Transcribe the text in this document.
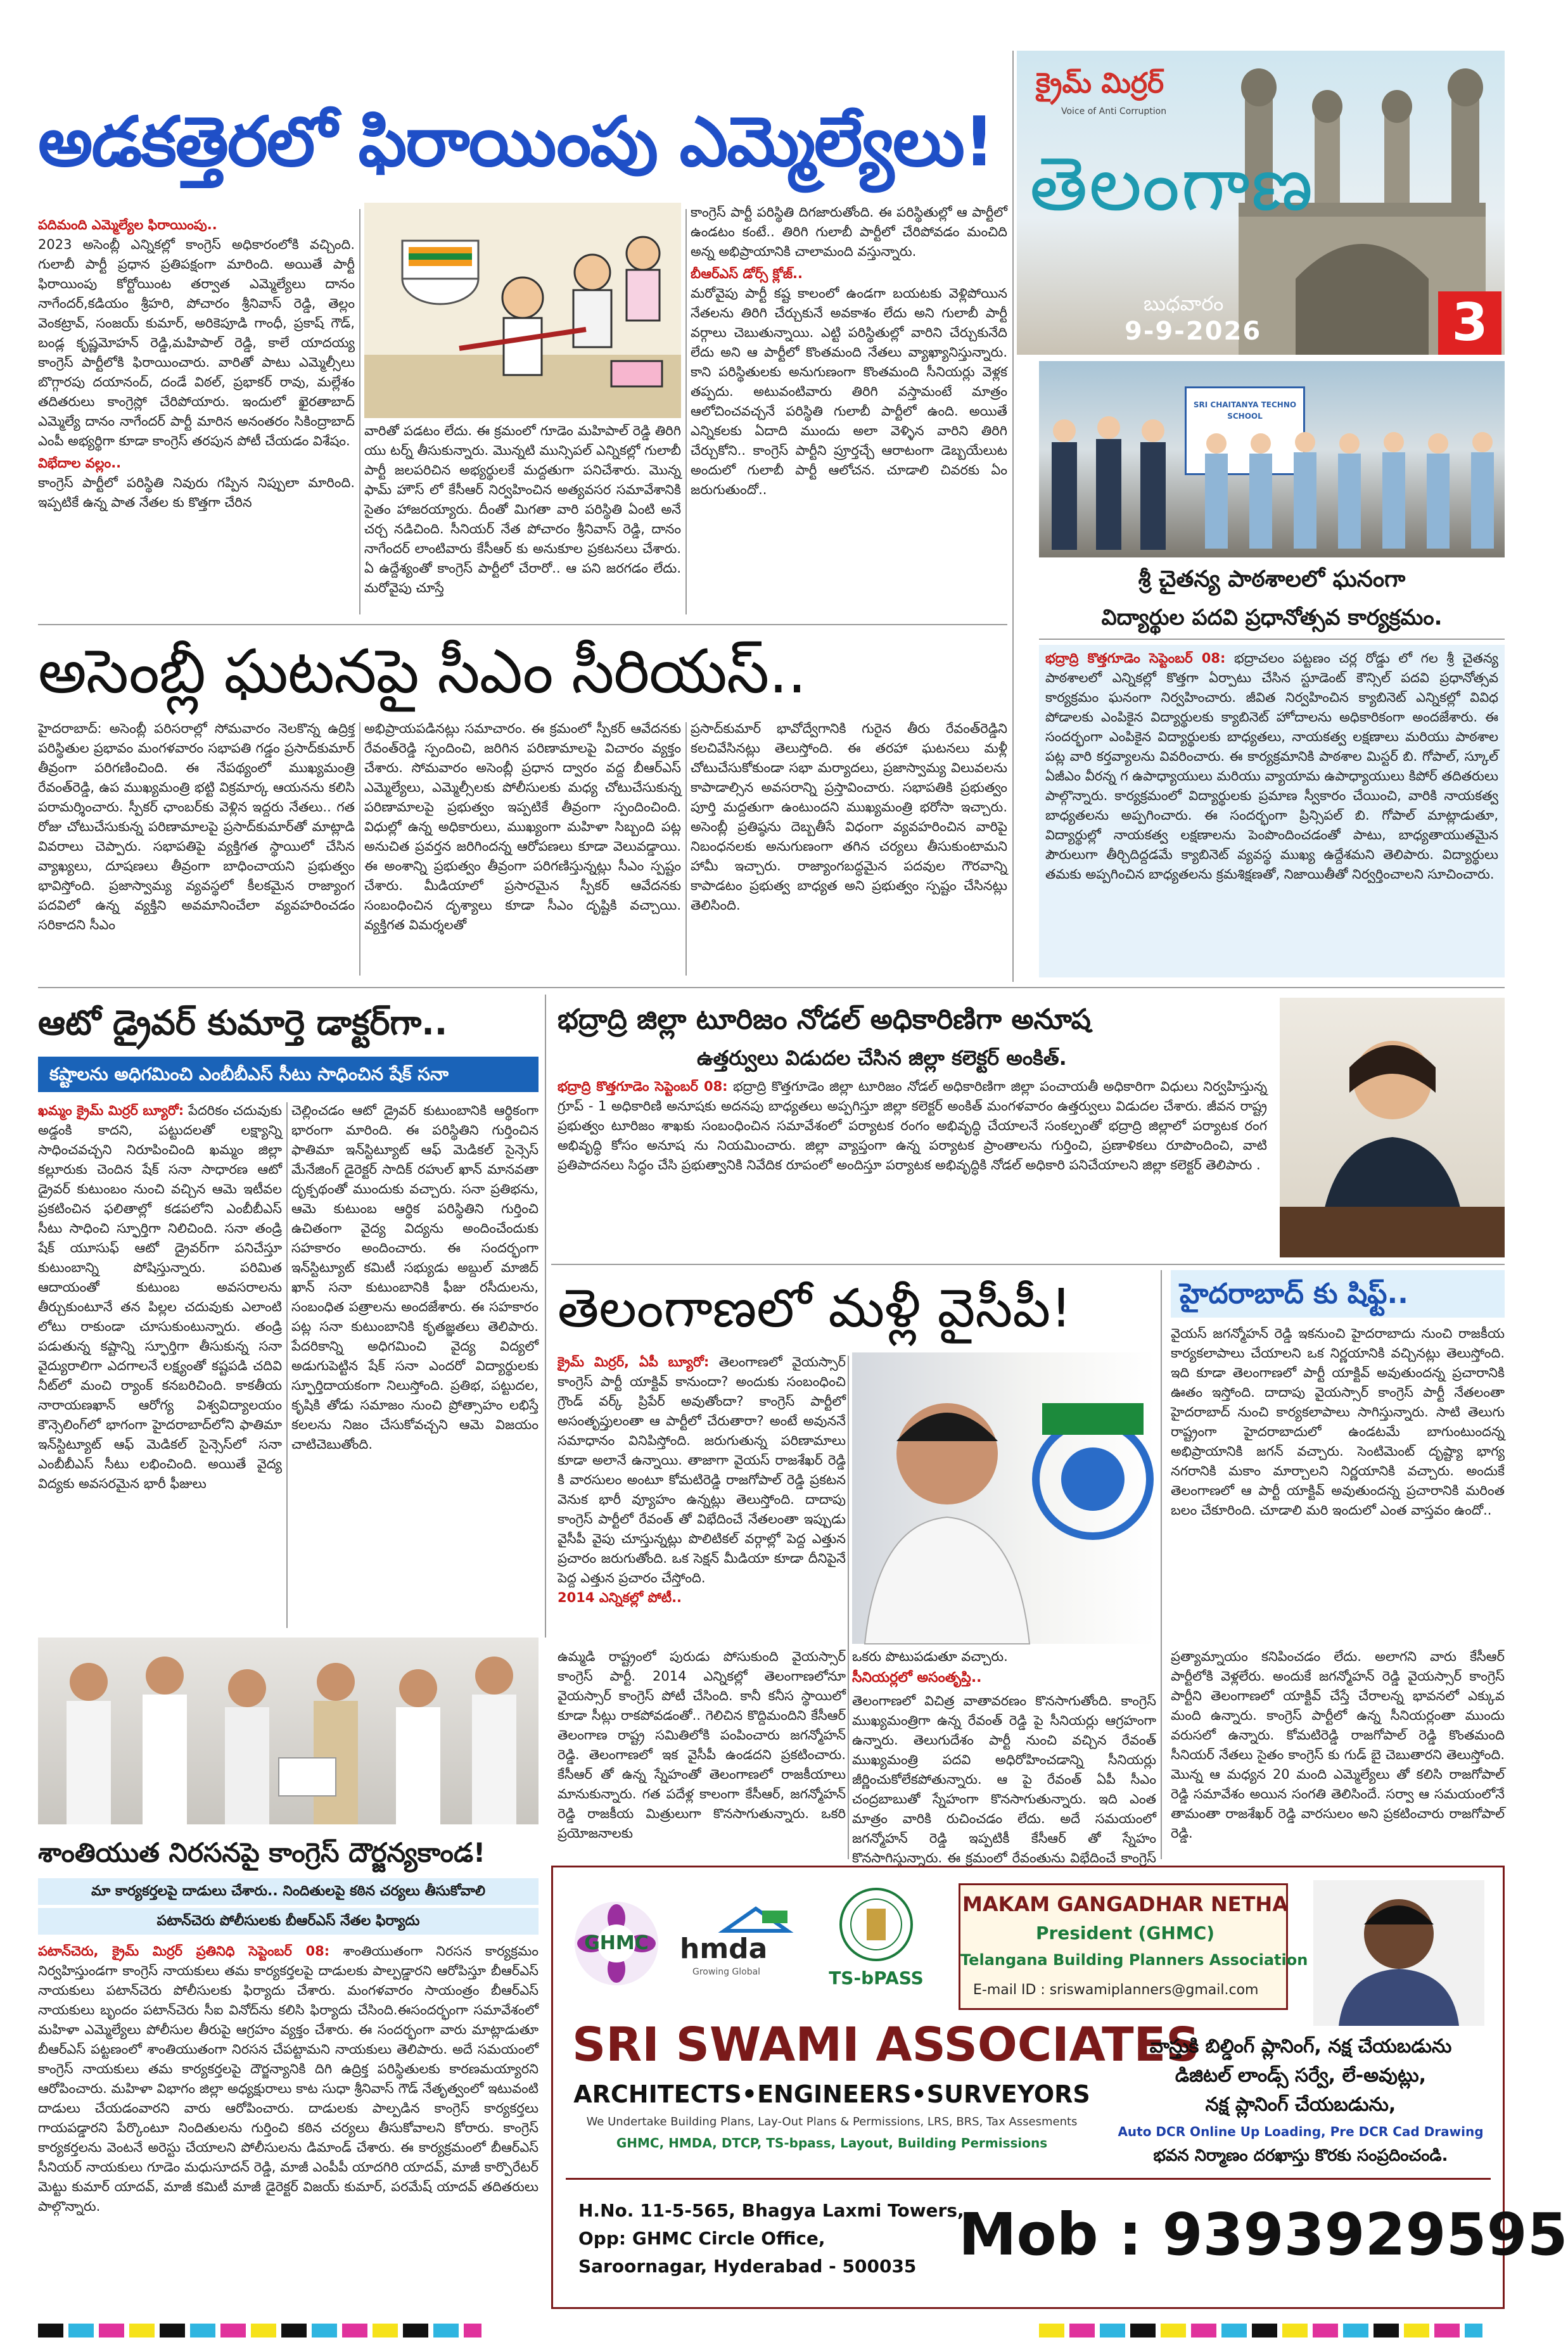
అడకత్తెరలో ఫిరాయింపు ఎమ్మెల్యేలు!
క్రైమ్ మిర్రర్
Voice of Anti Corruption
తెలంగాణ
బుధవారం
9-9-2026	3
పదిమంది ఎమ్మెల్యేల ఫిరాయింపు..

2023 అసెంబ్లీ ఎన్నికల్లో కాంగ్రెస్ అధికారంలోకి వచ్చింది. గులాబీ పార్టీ ప్రధాన ప్రతిపక్షంగా మారింది. అయితే పార్టీ ఫిరాయింపు కోర్టోయింట తర్వాత ఎమ్మెల్యేలు దానం నాగేందర్,కడియం శ్రీహరి, పోచారం శ్రీనివాస్ రెడ్డి, తెల్లం వెంకట్రావ్, సంజయ్ కుమార్, అరికెపూడి గాంధీ, ప్రకాష్ గౌడ్, బండ్ల కృష్ణమోహన్ రెడ్డి,మహిపాల్ రెడ్డి, కాలే యాదయ్య కాంగ్రెస్ పార్టీలోకి ఫిరాయించారు. వారితో పాటు ఎమ్మెల్సీలు బొగ్గారపు దయానంద్, దండే విఠల్, ప్రభాకర్ రావు, మల్లేశం తదితరులు కాంగ్రెస్లో చేరిపోయారు. ఇందులో ఖైరతాబాద్ ఎమ్మెల్యే దానం నాగేందర్ పార్టీ మారిన అనంతరం సికింద్రాబాద్ ఎంపీ అభ్యర్థిగా కూడా కాంగ్రెస్ తరపున పోటీ చేయడం విశేషం.

విభేదాల వల్లం..

కాంగ్రెస్ పార్టీలో పరిస్థితి నివురు గప్పిన నిప్పులా మారింది. ఇప్పటికే ఉన్న పాత నేతల కు కొత్తగా చేరిన

వారితో పడటం లేదు. ఈ క్రమంలో గూడెం మహిపాల్ రెడ్డి తిరిగి యు టర్న్ తీసుకున్నారు. మొన్నటి మున్సిపల్ ఎన్నికల్లో గులాబీ పార్టీ జలపరిచిన అభ్యర్థులకే మద్దతుగా పనిచేశారు. మొన్న ఫామ్ హౌస్ లో కేసీఆర్ నిర్వహించిన అత్యవసర సమావేశానికి సైతం హాజరయ్యారు. దీంతో మిగతా వారి పరిస్థితి ఏంటి అనే చర్చ నడిచింది. సీనియర్ నేత పోచారం శ్రీనివాస్ రెడ్డి, దానం నాగేందర్ లాంటివారు కేసీఆర్ కు అనుకూల ప్రకటనలు చేశారు. ఏ ఉద్దేశ్యంతో కాంగ్రెస్ పార్టీలో చేరారో.. ఆ పని జరగడం లేదు. మరోవైపు చూస్తే

కాంగ్రెస్ పార్టీ పరిస్థితి దిగజారుతోంది. ఈ పరిస్థితుల్లో ఆ పార్టీలో ఉండటం కంటే.. తిరిగి గులాబీ పార్టీలో చేరిపోవడం మంచిది అన్న అభిప్రాయానికి చాలామంది వస్తున్నారు.

బీఆర్ఎస్ డోర్స్ క్లోజ్..

మరోవైపు పార్టీ కష్ట కాలంలో ఉండగా బయటకు వెళ్లిపోయిన నేతలను తిరిగి చేర్చుకునే అవకాశం లేదు అని గులాబీ పార్టీ వర్గాలు చెబుతున్నాయి. ఎట్టి పరిస్థితుల్లో వారిని చేర్చుకునేది లేదు అని ఆ పార్టీలో కొంతమంది నేతలు వ్యాఖ్యానిస్తున్నారు. కాని పరిస్థితులకు అనుగుణంగా కొంతమంది సీనియర్లు వెళ్లక తప్పదు. అటువంటివారు తిరిగి వస్తామంటే మాత్రం ఆలోచించవచ్చనే పరిస్థితి గులాబీ పార్టీలో ఉంది. అయితే ఎన్నికలకు ఏదాది ముందు అలా వెళ్ళిన వారిని తిరిగి చేర్చుకోని.. కాంగ్రెస్ పార్టీని ప్రూర్తచ్చే ఆరాటంగా డెబ్బయేలుట అందులో గులాబీ పార్టీ ఆలోచన. చూడాలి చివరకు ఏం జరుగుతుందో..

SRI CHAITANYA TECHNO SCHOOL
శ్రీ చైతన్య పాఠశాలలో ఘనంగా
విద్యార్థుల పదవి ప్రధానోత్సవ కార్యక్రమం.
భద్రాద్రి కొత్తగూడెం సెప్టెంబర్ 08: భద్రాచలం పట్టణం చర్ల రోడ్డు లో గల శ్రీ చైతన్య పాఠశాలలో ఎన్నికల్లో కొత్తగా ఏర్పాటు చేసిన స్టూడెంట్ కౌన్సిల్ పదవి ప్రధానోత్సవ కార్యక్రమం ఘనంగా నిర్వహించారు. జీవిత నిర్వహించిన క్యాబినెట్ ఎన్నికల్లో వివిధ పోడాలకు ఎంపికైన విద్యార్థులకు క్యాబినెట్ హోదాలను అధికారికంగా అందజేశారు. ఈ సందర్భంగా ఎంపికైన విద్యార్థులకు బాధ్యతలు, నాయకత్వ లక్షణాలు మరియు పాఠశాల పట్ల వారి కర్తవ్యాలను వివరించారు. ఈ కార్యక్రమానికి పాఠశాల మిస్టర్ బి. గోపాల్, స్కూల్ ఏజీఎం వీరన్న గ ఉపాధ్యాయులు మరియు వ్యాయామ ఉపాధ్యాయులు కిపోర్ తదితరులు పాల్గొన్నారు. కార్యక్రమంలో విద్యార్థులకు ప్రమాణ స్వీకారం చేయించి, వారికి నాయకత్వ బాధ్యతలను అప్పగించారు. ఈ సందర్భంగా ప్రిన్సిపల్ బి. గోపాల్ మాట్లాడుతూ, విద్యార్థుల్లో నాయకత్వ లక్షణాలను పెంపొందించడంతో పాటు, బాధ్యతాయుతమైన పౌరులుగా తీర్చిదిద్దడమే క్యాబినెట్ వ్యవస్థ ముఖ్య ఉద్దేశమని తెలిపారు. విద్యార్థులు తమకు అప్పగించిన బాధ్యతలను క్రమశిక్షణతో, నిజాయితీతో నిర్వర్తించాలని సూచించారు.
అసెంబ్లీ ఘటనపై సీఎం సీరియస్..

హైదరాబాద్: అసెంబ్లీ పరిసరాల్లో సోమవారం నెలకొన్న ఉద్రిక్త పరిస్థితుల ప్రభావం మంగళవారం సభాపతి గడ్డం ప్రసాద్‌కుమార్ తీవ్రంగా పరిగణించింది. ఈ నేపథ్యంలో ముఖ్యమంత్రి రేవంత్‌రెడ్డి, ఉప ముఖ్యమంత్రి భట్టి విక్రమార్క ఆయనను కలిసి పరామర్శించారు. స్పీకర్ ఛాంబర్‌కు వెళ్లిన ఇద్దరు నేతలు.. గత రోజు చోటుచేసుకున్న పరిణామాలపై ప్రసాద్‌కుమార్‌తో మాట్లాడి వివరాలు చెప్పారు. సభాపతిపై వ్యక్తిగత స్థాయిలో చేసిన వ్యాఖ్యలు, దూషణలు తీవ్రంగా బాధించాయని ప్రభుత్వం భావిస్తోంది. ప్రజాస్వామ్య వ్యవస్థలో కీలకమైన రాజ్యాంగ పదవిలో ఉన్న వ్యక్తిని అవమానించేలా వ్యవహరించడం సరికాదని సీఎం

అభిప్రాయపడినట్లు సమాచారం. ఈ క్రమంలో స్పీకర్ ఆవేదనకు రేవంత్‌రెడ్డి స్పందించి, జరిగిన పరిణామాలపై విచారం వ్యక్తం చేశారు. సోమవారం అసెంబ్లీ ప్రధాన ద్వారం వద్ద బీఆర్‌ఎస్ ఎమ్మెల్యేలు, ఎమ్మెల్సీలకు పోలీసులకు మధ్య చోటుచేసుకున్న పరిణామాలపై ప్రభుత్వం ఇప్పటికే తీవ్రంగా స్పందించింది. విధుల్లో ఉన్న అధికారులు, ముఖ్యంగా మహిళా సిబ్బంది పట్ల అనుచిత ప్రవర్తన జరిగిందన్న ఆరోపణలు కూడా వెలువడ్డాయి. ఈ అంశాన్ని ప్రభుత్వం తీవ్రంగా పరిగణిస్తున్నట్లు సీఎం స్పష్టం చేశారు. మీడియాలో ప్రసారమైన స్పీకర్ ఆవేదనకు సంబంధించిన దృశ్యాలు కూడా సీఎం దృష్టికి వచ్చాయి. వ్యక్తిగత విమర్శలతో

ప్రసాద్‌కుమార్ భావోద్వేగానికి గురైన తీరు రేవంత్‌రెడ్డిని కలచివేసినట్లు తెలుస్తోంది. ఈ తరహా ఘటనలు మళ్లీ చోటుచేసుకోకుండా సభా మర్యాదలు, ప్రజాస్వామ్య విలువలను కాపాడాల్సిన అవసరాన్ని ప్రస్తావించారు. సభాపతికి ప్రభుత్వం పూర్తి మద్దతుగా ఉంటుందని ముఖ్యమంత్రి భరోసా ఇచ్చారు. అసెంబ్లీ ప్రతిష్ఠను దెబ్బతీసే విధంగా వ్యవహరించిన వారిపై నిబంధనలకు అనుగుణంగా తగిన చర్యలు తీసుకుంటామని హామీ ఇచ్చారు. రాజ్యాంగబద్ధమైన పదవుల గౌరవాన్ని కాపాడటం ప్రభుత్వ బాధ్యత అని ప్రభుత్వం స్పష్టం చేసినట్లు తెలిసింది.

ఆటో డ్రైవర్ కుమార్తె డాక్టర్‌గా..
కష్టాలను అధిగమించి ఎంబీబీఎస్ సీటు సాధించిన షేక్ సనా
ఖమ్మం క్రైమ్ మిర్రర్ బ్యూరో: పేదరికం చదువుకు అడ్డంకి కాదని, పట్టుదలతో లక్ష్యాన్ని సాధించవచ్చని నిరూపించింది ఖమ్మం జిల్లా కల్లూరుకు చెందిన షేక్ సనా సాధారణ ఆటో డ్రైవర్ కుటుంబం నుంచి వచ్చిన ఆమె ఇటీవల ప్రకటించిన ఫలితాల్లో కడపలోని ఎంబీబీఎస్ సీటు సాధించి స్ఫూర్తిగా నిలిచింది. సనా తండ్రి షేక్ యూసుఫ్ ఆటో డ్రైవర్‌గా పనిచేస్తూ కుటుంబాన్ని పోషిస్తున్నారు. పరిమిత ఆదాయంతో కుటుంబ అవసరాలను తీర్చుకుంటూనే తన పిల్లల చదువుకు ఎలాంటి లోటు రాకుండా చూసుకుంటున్నారు. తండ్రి పడుతున్న కష్టాన్ని స్ఫూర్తిగా తీసుకున్న సనా వైద్యురాలిగా ఎదగాలనే లక్ష్యంతో కష్టపడి చదివి నీట్‌లో మంచి ర్యాంక్ కనబరిచింది. కాకతీయ నారాయణఖాన్ ఆరోగ్య విశ్వవిద్యాలయం కౌన్సెలింగ్‌లో భాగంగా హైదరాబాద్‌లోని ఫాతిమా ఇన్‌స్టిట్యూట్ ఆఫ్ మెడికల్ సైన్సెస్‌లో సనా ఎంబీబీఎస్ సీటు లభించింది. అయితే వైద్య విద్యకు అవసరమైన భారీ ఫీజులు

చెల్లించడం ఆటో డ్రైవర్ కుటుంబానికి ఆర్థికంగా భారంగా మారింది. ఈ పరిస్థితిని గుర్తించిన ఫాతిమా ఇన్‌స్టిట్యూట్ ఆఫ్ మెడికల్ సైన్సెస్ మేనేజింగ్ డైరెక్టర్ సాదిక్ రహుల్ ఖాన్ మానవతా దృక్పథంతో ముందుకు వచ్చారు. సనా ప్రతిభను, ఆమె కుటుంబ ఆర్థిక పరిస్థితిని గుర్తించి ఉచితంగా వైద్య విద్యను అందించేందుకు సహకారం అందించారు. ఈ సందర్భంగా ఇన్‌స్టిట్యూట్ కమిటీ సభ్యుడు అబ్దుల్ మాజిద్ ఖాన్ సనా కుటుంబానికి ఫీజు రసీదులను, సంబంధిత పత్రాలను అందజేశారు. ఈ సహకారం పట్ల సనా కుటుంబానికి కృతజ్ఞతలు తెలిపారు. పేదరికాన్ని అధిగమించి వైద్య విద్యలో అడుగుపెట్టిన షేక్ సనా ఎందరో విద్యార్థులకు స్ఫూర్తిదాయకంగా నిలుస్తోంది. ప్రతిభ, పట్టుదల, కృషికి తోడు సమాజం నుంచి ప్రోత్సాహం లభిస్తే కలలను నిజం చేసుకోవచ్చని ఆమె విజయం చాటిచెబుతోంది.

భద్రాద్రి జిల్లా టూరిజం నోడల్ అధికారిణిగా అనూష
ఉత్తర్వులు విడుదల చేసిన జిల్లా కలెక్టర్ అంకిత్.
భద్రాద్రి కొత్తగూడెం సెప్టెంబర్ 08: భద్రాద్రి కొత్తగూడెం జిల్లా టూరిజం నోడల్ అధికారిణిగా జిల్లా పంచాయతీ అధికారిగా విధులు నిర్వహిస్తున్న గ్రూప్ - 1 అధికారిణి అనూషకు అదనపు బాధ్యతలు అప్పగిస్తూ జిల్లా కలెక్టర్ అంకిత్ మంగళవారం ఉత్తర్వులు విడుదల చేశారు. జీవ‌న రాష్ట్ర ప్రభుత్వం టూరిజం శాఖకు సంబంధించిన సమావేశంలో పర్యాటక రంగం అభివృద్ధి చేయాలనే సంకల్పంతో భద్రాద్రి జిల్లాలో పర్యాటక రంగ అభివృద్ధి కోసం అనూష ను నియమించారు. జిల్లా వ్యాప్తంగా ఉన్న పర్యాటక ప్రాంతాలను గుర్తించి, ప్రణాళికలు రూపొందించి, వాటి ప్రతిపాదనలు సిద్ధం చేసి ప్రభుత్వానికి నివేదిక రూపంలో అందిస్తూ పర్యాటక అభివృద్ధికి నోడల్ అధికారి పనిచేయాలని జిల్లా కలెక్టర్ తెలిపారు .
తెలంగాణలో మళ్లీ వైసీపీ!
క్రైమ్ మిర్రర్, ఏపీ బ్యూరో: తెలంగాణలో వైయస్సార్ కాంగ్రెస్ పార్టీ యాక్టివ్ కానుందా? అందుకు సంబంధించి గ్రౌండ్ వర్క్ ప్రిపేర్ అవుతోందా? కాంగ్రెస్ పార్టీలో అసంతృప్తులంతా ఆ పార్టీలో చేరుతారా? అంటే అవుననే సమాధానం వినిపిస్తోంది. జరుగుతున్న పరిణామాలు కూడా అలానే ఉన్నాయి. తాజాగా వైయస్ రాజశేఖర్ రెడ్డి కి వారసులం అంటూ కోమటిరెడ్డి రాజగోపాల్ రెడ్డి ప్రకటన వెనుక భారీ వ్యూహం ఉన్నట్లు తెలుస్తోంది. దాదాపు కాంగ్రెస్ పార్టీలో రేవంత్ తో విభేదించే నేతలంతా ఇప్పుడు వైసీపీ వైపు చూస్తున్నట్లు పొలిటికల్ వర్గాల్లో పెద్ద ఎత్తున ప్రచారం జరుగుతోంది. ఒక సెక్షన్ మీడియా కూడా దీనిపైనే పెద్ద ఎత్తున ప్రచారం చేస్తోంది.
2014 ఎన్నికల్లో పోటీ..
ఒకరు పొటుపడుతూ వచ్చారు.
సీనియర్లలో అసంతృప్తి..

ఉమ్మడి రాష్ట్రంలో పురుడు పోసుకుంది వైయస్సార్ కాంగ్రెస్ పార్టీ. 2014 ఎన్నికల్లో తెలంగాణలోనూ వైయస్సార్ కాంగ్రెస్ పోటీ చేసింది. కానీ కనీస స్థాయిలో కూడా సీట్లు రాకపోవడంతో.. గెలిచిన కొద్దిమందిని కేసీఆర్ తెలంగాణ రాష్ట్ర సమితిలోకి పంపించారు జగన్మోహన్ రెడ్డి. తెలంగాణలో ఇక వైసీపీ ఉండదని ప్రకటించారు. కేసీఆర్ తో ఉన్న స్నేహంతో తెలంగాణలో రాజకీయాలు మానుకున్నారు. గత పదేళ్ల కాలంగా కేసీఆర్, జగన్మోహన్ రెడ్డి రాజకీయ మిత్రులుగా కొనసాగుతున్నారు. ఒకరి ప్రయోజనాలకు

తెలంగాణలో విచిత్ర వాతావరణం కొనసాగుతోంది. కాంగ్రెస్ ముఖ్యమంత్రిగా ఉన్న రేవంత్ రెడ్డి పై సీనియర్లు ఆగ్రహంగా ఉన్నారు. తెలుగుదేశం పార్టీ నుంచి వచ్చిన రేవంత్ ముఖ్యమంత్రి పదవి అధిరోహించడాన్ని సీనియర్లు జీర్ణించుకోలేకపోతున్నారు. ఆ పై రేవంత్ ఏపీ సీఎం చంద్రబాబుతో స్నేహంగా కొనసాగుతున్నారు. ఇది ఎంత మాత్రం వారికి రుచించడం లేదు. అదే సమయంలో జగన్మోహన్ రెడ్డి ఇప్పటికీ కేసీఆర్ తో స్నేహం కొనసాగిస్తున్నారు. ఈ క్రమంలో రేవంతును విభేదించే కాంగ్రెస్

హైదరాబాద్ కు షిఫ్ట్..

వైయస్ జగన్మోహన్ రెడ్డి ఇకనుంచి హైదరాబాదు నుంచి రాజకీయ కార్యకలాపాలు చేయాలని ఒక నిర్ణయానికి వచ్చినట్లు తెలుస్తోంది. ఇది కూడా తెలంగాణలో పార్టీ యాక్టివ్ అవుతుందన్న ప్రచారానికి ఊతం ఇస్తోంది. దాదాపు వైయస్సార్ కాంగ్రెస్ పార్టీ నేతలంతా హైదరాబాద్ నుంచి కార్యకలాపాలు సాగిస్తున్నారు. సాటి తెలుగు రాష్ట్రంగా హైదరాబాదులో ఉండటమే బాగుంటుందన్న అభిప్రాయానికి జగన్ వచ్చారు. సెంటిమెంట్ దృష్ట్యా భాగ్య నగరానికి మకాం మార్చాలని నిర్ణయానికి వచ్చారు. అందుకే తెలంగాణలో ఆ పార్టీ యాక్టివ్ అవుతుందన్న ప్రచారానికి మరింత బలం చేకూరింది. చూడాలి మరి ఇందులో ఎంత వాస్తవం ఉందో..

ప్రత్యామ్నాయం కనిపించడం లేదు. అలాగని వారు కేసీఆర్ పార్టీలోకి వెళ్లలేరు. అందుకే జగన్మోహన్ రెడ్డి వైయస్సార్ కాంగ్రెస్ పార్టీని తెలంగాణలో యాక్టివ్ చేస్తే చేరాలన్న భావనలో ఎక్కువ మంది ఉన్నారు. కాంగ్రెస్ పార్టీలో ఉన్న సీనియర్లంతా ముందు వరుసలో ఉన్నారు. కోమటిరెడ్డి రాజగోపాల్ రెడ్డి కొంతమంది సీనియర్ నేతలు సైతం కాంగ్రెస్ కు గుడ్ బై చెబుతారని తెలుస్తోంది. మొన్న ఆ మధ్యన 20 మంది ఎమ్మెల్యేలు తో కలిసి రాజగోపాల్ రెడ్డి సమావేశం అయిన సంగతి తెలిసిందే. సర్వా ఆ సమయంలోనే తామంతా రాజశేఖర్ రెడ్డి వారసులం అని ప్రకటించారు రాజగోపాల్ రెడ్డి.

శాంతియుత నిరసనపై కాంగ్రెస్ దౌర్జన్యకాండ!
మా కార్యకర్తలపై దాడులు చేశారు.. నిందితులపై కఠిన చర్యలు తీసుకోవాలి
పటాన్‌చెరు పోలీసులకు బీఆర్ఎస్ నేతల ఫిర్యాదు
పటాన్‌చెరు, క్రైమ్ మిర్రర్ ప్రతినిధి సెప్టెంబర్ 08: శాంతియుతంగా నిరసన కార్యక్రమం నిర్వహిస్తుండగా కాంగ్రెస్ నాయకులు తమ కార్యకర్తలపై దాడులకు పాల్పడ్డారని ఆరోపిస్తూ బీఆర్ఎస్ నాయకులు పటాన్‌చెరు పోలీసులకు ఫిర్యాదు చేశారు. మంగళవారం సాయంత్రం బీఆర్ఎస్ నాయకులు బృందం పటాన్‌చెరు సీఐ వినోద్‌ను కలిసి ఫిర్యాదు చేసింది.ఈసందర్భంగా సమావేశంలో మహిళా ఎమ్మెల్యేలు పోలీసుల తీరుపై ఆగ్రహం వ్యక్తం చేశారు. ఈ సందర్భంగా వారు మాట్లాడుతూ బీఆర్ఎస్ పట్టణంలో శాంతియుతంగా నిరసన చేపట్టామని నాయకులు తెలిపారు. అదే సమయంలో కాంగ్రెస్ నాయకులు తమ కార్యకర్తలపై దౌర్జన్యానికి దిగి ఉద్రిక్త పరిస్థితులకు కారణమయ్యారని ఆరోపించారు. మహిళా విభాగం జిల్లా అధ్యక్షురాలు కాట సుధా శ్రీనివాస్ గౌడ్ నేతృత్వంలో ఇటువంటి దాడులు చేయడంవారని వారు ఆరోపించారు. దాడులకు పాల్పడిన కాంగ్రెస్ కార్యకర్తలు గాయపడ్డారని పేర్కొంటూ నిందితులను గుర్తించి కఠిన చర్యలు తీసుకోవాలని కోరారు. కాంగ్రెస్ కార్యకర్తలను వెంటనే అరెస్టు చేయాలని పోలీసులను డిమాండ్ చేశారు. ఈ కార్యక్రమంలో బీఆర్ఎస్ సీనియర్ నాయకులు గూడెం మధుసూదన్ రెడ్డి, మాజీ ఎంపీపీ యాదగిరి యాదవ్, మాజీ కార్పొరేటర్ మెట్టు కుమార్ యాదవ్, మాజీ కమిటీ మాజీ డైరెక్టర్ విజయ్ కుమార్, పరమేష్ యాదవ్ తదితరులు పాల్గొన్నారు.
GHMC	hmda
Growing Global	TS-bPASS
MAKAM GANGADHAR NETHA
President (GHMC)
Telangana Building Planners Association
E-mail ID : sriswamiplanners@gmail.com
SRI SWAMI ASSOCIATES
ARCHITECTS•ENGINEERS•SURVEYORS
We Undertake Building Plans, Lay-Out Plans & Permissions, LRS, BRS, Tax Assesments
GHMC, HMDA, DTCP, TS-bpass, Layout, Building Permissions
వాస్తుకి బిల్డింగ్ ప్లానింగ్, నక్ష చేయబడును
డిజిటల్ లాండ్స్ సర్వే, లే-అవుట్లు,
నక్ష ప్లానింగ్ చేయబడును,
Auto DCR Online Up Loading, Pre DCR Cad Drawing
భవన నిర్మాణం దరఖాస్తు కొరకు సంప్రదించండి.
H.No. 11-5-565, Bhagya Laxmi Towers,
Opp: GHMC Circle Office,
Saroornagar, Hyderabad - 500035 Mob : 9393929595
